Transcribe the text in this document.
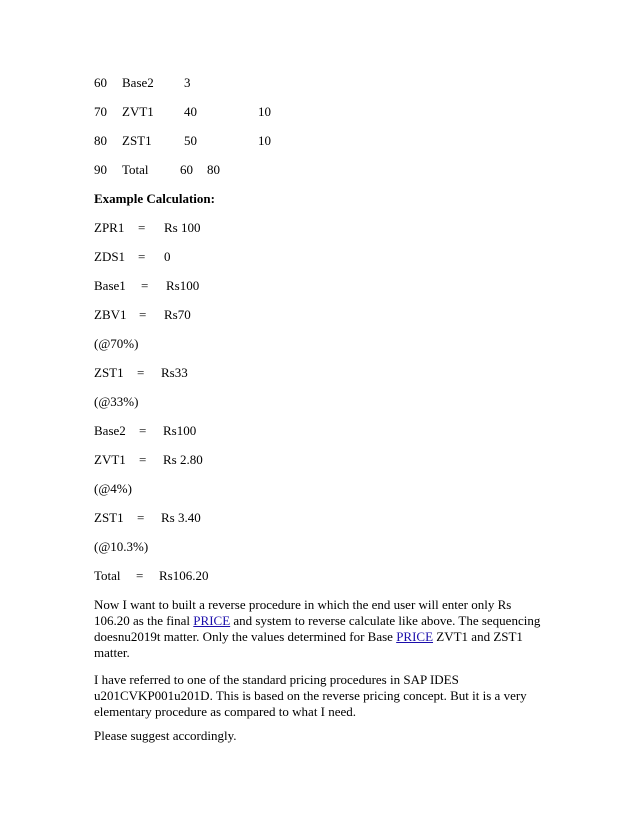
60 Base2 3
70 ZVT1 40	10
80 ZST1 50	10
90 Total 60 80
Example Calculation:
ZPR1 = Rs 100
ZDS1 = 0
Base1 = Rs100
ZBV1 = Rs70
(@70%)
ZST1 = Rs33
(@33%)
Base2 = Rs100
ZVT1 = Rs 2.80
(@4%)
ZST1 = Rs 3.40
(@10.3%)
Total = Rs106.20

Now I want to built a reverse procedure in which the end user will enter only Rs 106.20 as the final PRICE and system to reverse calculate like above. The sequencing doesnu2019t matter. Only the values determined for Base PRICE ZVT1 and ZST1 matter.

I have referred to one of the standard pricing procedures in SAP IDES u201CVKP001u201D. This is based on the reverse pricing concept. But it is a very elementary procedure as compared to what I need.

Please suggest accordingly.
